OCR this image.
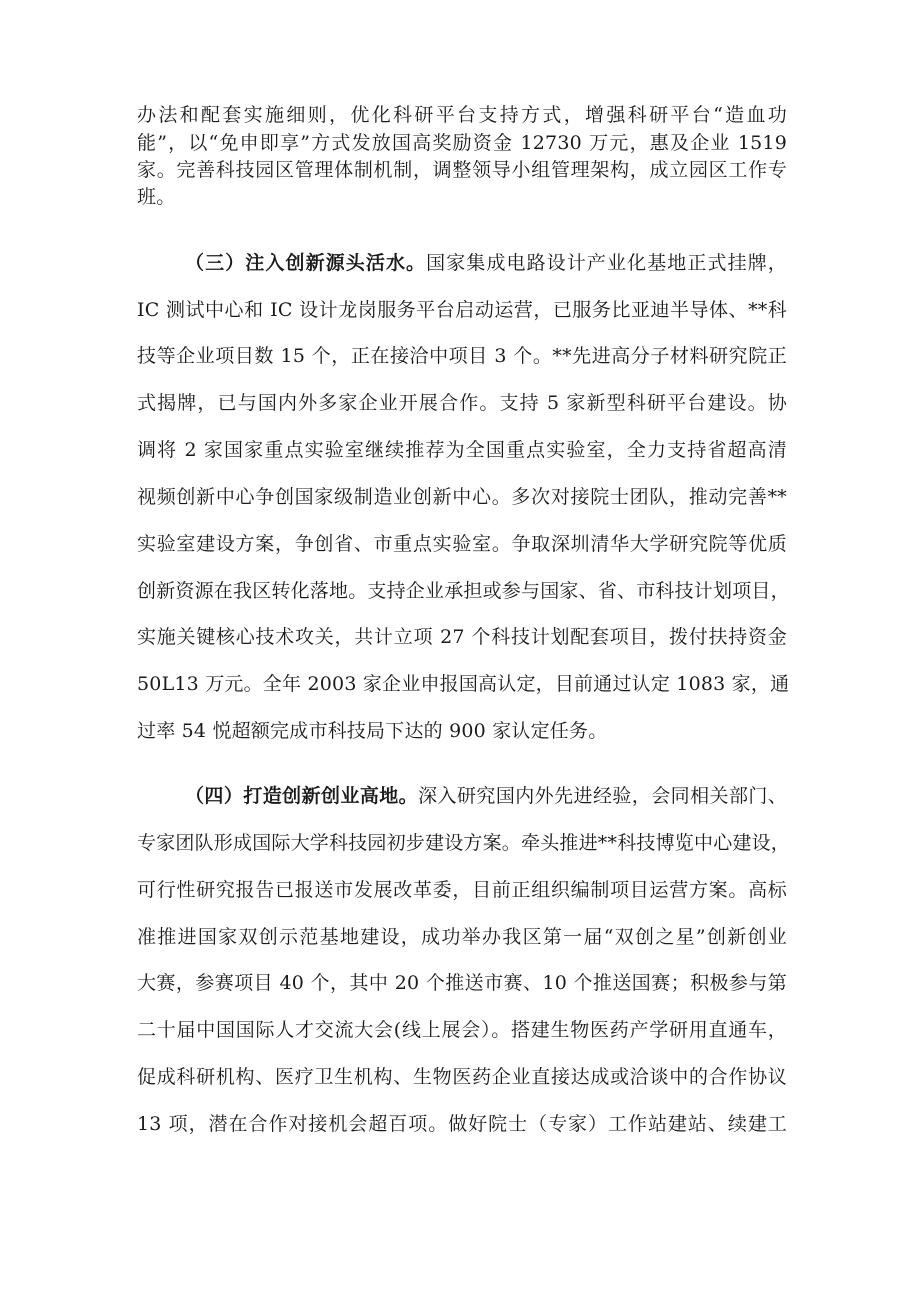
办法和配套实施细则，优化科研平台支持方式，增强科研平台“造血功
能”，以“免申即享”方式发放国高奖励资金 12730 万元，惠及企业 1519
家。完善科技园区管理体制机制，调整领导小组管理架构，成立园区工作专
班。
（三）注入创新源头活水。国家集成电路设计产业化基地正式挂牌，
IC 测试中心和 IC 设计龙岗服务平台启动运营，已服务比亚迪半导体、**科
技等企业项目数 15 个，正在接洽中项目 3 个。**先进高分子材料研究院正
式揭牌，已与国内外多家企业开展合作。支持 5 家新型科研平台建设。协
调将 2 家国家重点实验室继续推荐为全国重点实验室，全力支持省超高清
视频创新中心争创国家级制造业创新中心。多次对接院士团队，推动完善**
实验室建设方案，争创省、市重点实验室。争取深圳清华大学研究院等优质
创新资源在我区转化落地。支持企业承担或参与国家、省、市科技计划项目，
实施关键核心技术攻关，共计立项 27 个科技计划配套项目，拨付扶持资金
50L13 万元。全年 2003 家企业申报国高认定，目前通过认定 1083 家，通
过率 54 悦超额完成市科技局下达的 900 家认定任务。
（四）打造创新创业高地。深入研究国内外先进经验，会同相关部门、
专家团队形成国际大学科技园初步建设方案。牵头推进**科技博览中心建设，
可行性研究报告已报送市发展改革委，目前正组织编制项目运营方案。高标
准推进国家双创示范基地建设，成功举办我区第一届“双创之星”创新创业
大赛，参赛项目 40 个，其中 20 个推送市赛、10 个推送国赛；积极参与第
二十届中国国际人才交流大会(线上展会）。搭建生物医药产学研用直通车，
促成科研机构、医疗卫生机构、生物医药企业直接达成或洽谈中的合作协议
13 项，潜在合作对接机会超百项。做好院士（专家）工作站建站、续建工
